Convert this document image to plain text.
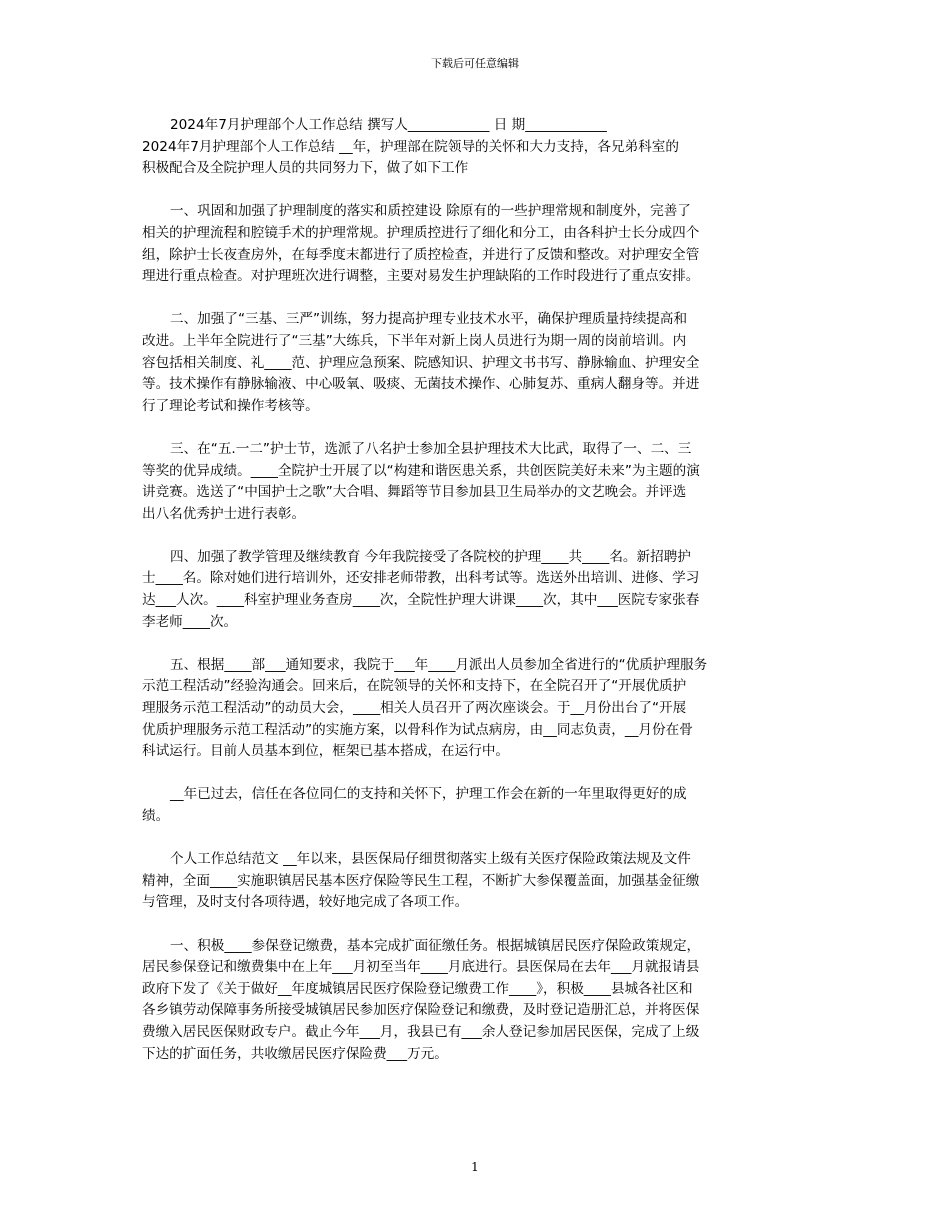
下载后可任意编辑
2024年7月护理部个人工作总结 撰写人____________ 日 期____________
2024年7月护理部个人工作总结 __年，护理部在院领导的关怀和大力支持，各兄弟科室的
积极配合及全院护理人员的共同努力下，做了如下工作
一、巩固和加强了护理制度的落实和质控建设 除原有的一些护理常规和制度外，完善了
相关的护理流程和腔镜手术的护理常规。护理质控进行了细化和分工，由各科护士长分成四个
组，除护士长夜查房外，在每季度末都进行了质控检查，并进行了反馈和整改。对护理安全管
理进行重点检查。对护理班次进行调整，主要对易发生护理缺陷的工作时段进行了重点安排。
二、加强了“三基、三严”训练，努力提高护理专业技术水平，确保护理质量持续提高和
改进。上半年全院进行了“三基”大练兵，下半年对新上岗人员进行为期一周的岗前培训。内
容包括相关制度、礼____范、护理应急预案、院感知识、护理文书书写、静脉输血、护理安全
等。技术操作有静脉输液、中心吸氧、吸痰、无菌技术操作、心肺复苏、重病人翻身等。并进
行了理论考试和操作考核等。
三、在“五.一二”护士节，选派了八名护士参加全县护理技术大比武，取得了一、二、三
等奖的优异成绩。____全院护士开展了以“构建和谐医患关系，共创医院美好未来”为主题的演
讲竞赛。选送了“中国护士之歌”大合唱、舞蹈等节目参加县卫生局举办的文艺晚会。并评选
出八名优秀护士进行表彰。
四、加强了教学管理及继续教育 今年我院接受了各院校的护理____共____名。新招聘护
士____名。除对她们进行培训外，还安排老师带教，出科考试等。选送外出培训、进修、学习
达___人次。____科室护理业务查房____次，全院性护理大讲课____次，其中___医院专家张春
李老师____次。
五、根据____部___通知要求，我院于___年____月派出人员参加全省进行的“优质护理服务
示范工程活动”经验沟通会。回来后，在院领导的关怀和支持下，在全院召开了“开展优质护
理服务示范工程活动”的动员大会，____相关人员召开了两次座谈会。于__月份出台了“开展
优质护理服务示范工程活动”的实施方案，以骨科作为试点病房，由__同志负责，__月份在骨
科试运行。目前人员基本到位，框架已基本搭成，在运行中。
__年已过去，信任在各位同仁的支持和关怀下，护理工作会在新的一年里取得更好的成
绩。
个人工作总结范文 __年以来，县医保局仔细贯彻落实上级有关医疗保险政策法规及文件
精神，全面____实施职镇居民基本医疗保险等民生工程，不断扩大参保覆盖面，加强基金征缴
与管理，及时支付各项待遇，较好地完成了各项工作。
一、积极____参保登记缴费，基本完成扩面征缴任务。根据城镇居民医疗保险政策规定，
居民参保登记和缴费集中在上年___月初至当年____月底进行。县医保局在去年___月就报请县
政府下发了《关于做好__年度城镇居民医疗保险登记缴费工作____》，积极____县城各社区和
各乡镇劳动保障事务所接受城镇居民参加医疗保险登记和缴费，及时登记造册汇总，并将医保
费缴入居民医保财政专户。截止今年___月，我县已有___余人登记参加居民医保，完成了上级
下达的扩面任务，共收缴居民医疗保险费___万元。
1
